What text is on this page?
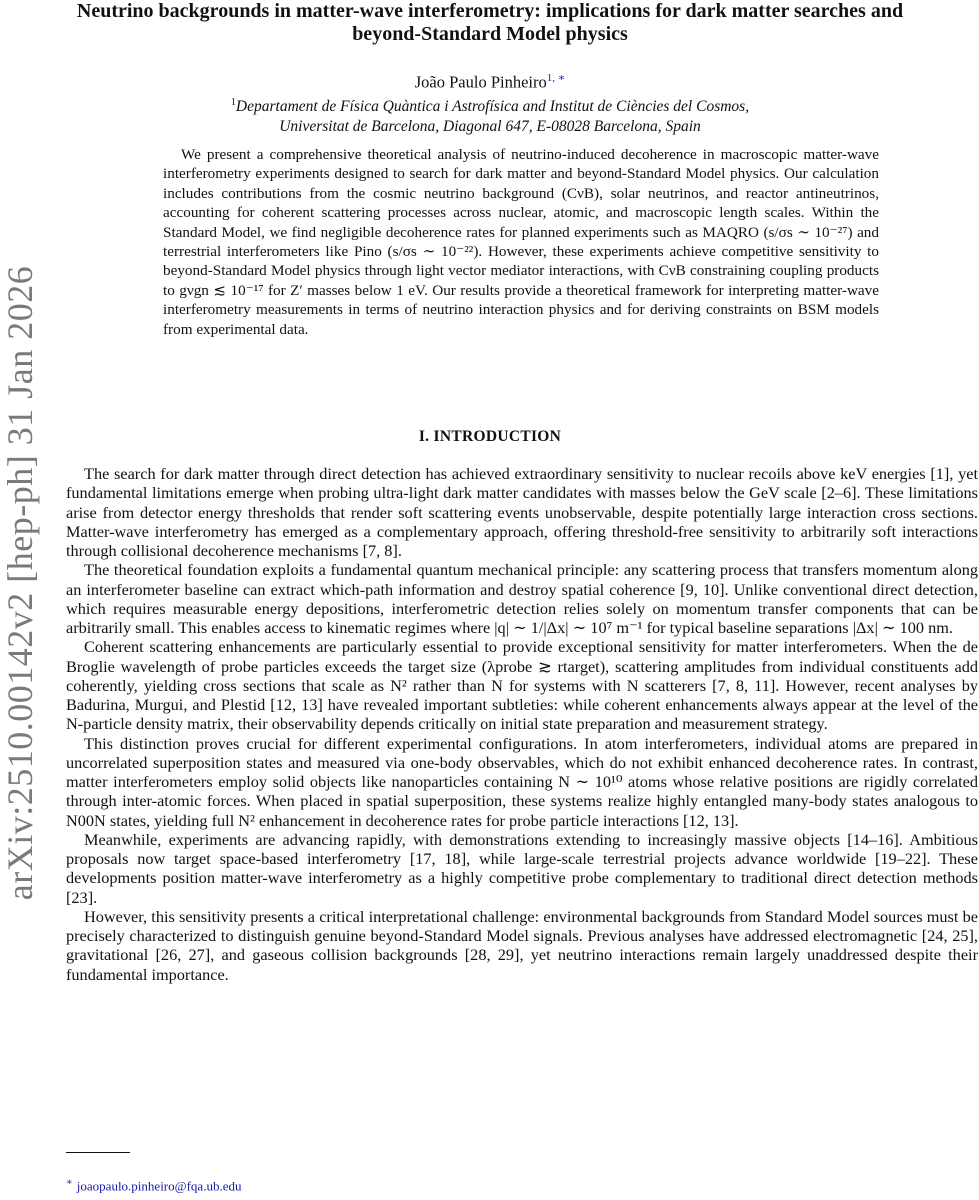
arXiv:2510.00142v2 [hep-ph] 31 Jan 2026
Neutrino backgrounds in matter-wave interferometry: implications for dark matter searches and beyond-Standard Model physics
João Paulo Pinheiro$^{1, ∗}$
$^1$Departament de Física Quàntica i Astrofísica and Institut de Ciències del Cosmos,
Universitat de Barcelona, Diagonal 647, E-08028 Barcelona, Spain

We present a comprehensive theoretical analysis of neutrino-induced decoherence in macroscopic matter-wave interferometry experiments designed to search for dark matter and beyond-Standard Model physics. Our calculation includes contributions from the cosmic neutrino background (CνB), solar neutrinos, and reactor antineutrinos, accounting for coherent scattering processes across nuclear, atomic, and macroscopic length scales. Within the Standard Model, we find negligible decoherence rates for planned experiments such as MAQRO (s/σs ∼ 10⁻²⁷) and terrestrial interferometers like Pino (s/σs ∼ 10⁻²²). However, these experiments achieve competitive sensitivity to beyond-Standard Model physics through light vector mediator interactions, with CνB constraining coupling products to gνgn ≲ 10⁻¹⁷ for Z′ masses below 1 eV. Our results provide a theoretical framework for interpreting matter-wave interferometry measurements in terms of neutrino interaction physics and for deriving constraints on BSM models from experimental data.

I. INTRODUCTION

The search for dark matter through direct detection has achieved extraordinary sensitivity to nuclear recoils above keV energies [1], yet fundamental limitations emerge when probing ultra-light dark matter candidates with masses below the GeV scale [2–6]. These limitations arise from detector energy thresholds that render soft scattering events unobservable, despite potentially large interaction cross sections. Matter-wave interferometry has emerged as a complementary approach, offering threshold-free sensitivity to arbitrarily soft interactions through collisional decoherence mechanisms [7, 8].

The theoretical foundation exploits a fundamental quantum mechanical principle: any scattering process that transfers momentum along an interferometer baseline can extract which-path information and destroy spatial coherence [9, 10]. Unlike conventional direct detection, which requires measurable energy depositions, interferometric detection relies solely on momentum transfer components that can be arbitrarily small. This enables access to kinematic regimes where |q| ∼ 1/|Δx| ∼ 10⁷ m⁻¹ for typical baseline separations |Δx| ∼ 100 nm.

Coherent scattering enhancements are particularly essential to provide exceptional sensitivity for matter interferometers. When the de Broglie wavelength of probe particles exceeds the target size (λprobe ≳ rtarget), scattering amplitudes from individual constituents add coherently, yielding cross sections that scale as N² rather than N for systems with N scatterers [7, 8, 11]. However, recent analyses by Badurina, Murgui, and Plestid [12, 13] have revealed important subtleties: while coherent enhancements always appear at the level of the N-particle density matrix, their observability depends critically on initial state preparation and measurement strategy.

This distinction proves crucial for different experimental configurations. In atom interferometers, individual atoms are prepared in uncorrelated superposition states and measured via one-body observables, which do not exhibit enhanced decoherence rates. In contrast, matter interferometers employ solid objects like nanoparticles containing N ∼ 10¹⁰ atoms whose relative positions are rigidly correlated through inter-atomic forces. When placed in spatial superposition, these systems realize highly entangled many-body states analogous to N00N states, yielding full N² enhancement in decoherence rates for probe particle interactions [12, 13].

Meanwhile, experiments are advancing rapidly, with demonstrations extending to increasingly massive objects [14–16]. Ambitious proposals now target space-based interferometry [17, 18], while large-scale terrestrial projects advance worldwide [19–22]. These developments position matter-wave interferometry as a highly competitive probe complementary to traditional direct detection methods [23].

However, this sensitivity presents a critical interpretational challenge: environmental backgrounds from Standard Model sources must be precisely characterized to distinguish genuine beyond-Standard Model signals. Previous analyses have addressed electromagnetic [24, 25], gravitational [26, 27], and gaseous collision backgrounds [28, 29], yet neutrino interactions remain largely unaddressed despite their fundamental importance.

∗ joaopaulo.pinheiro@fqa.ub.edu
